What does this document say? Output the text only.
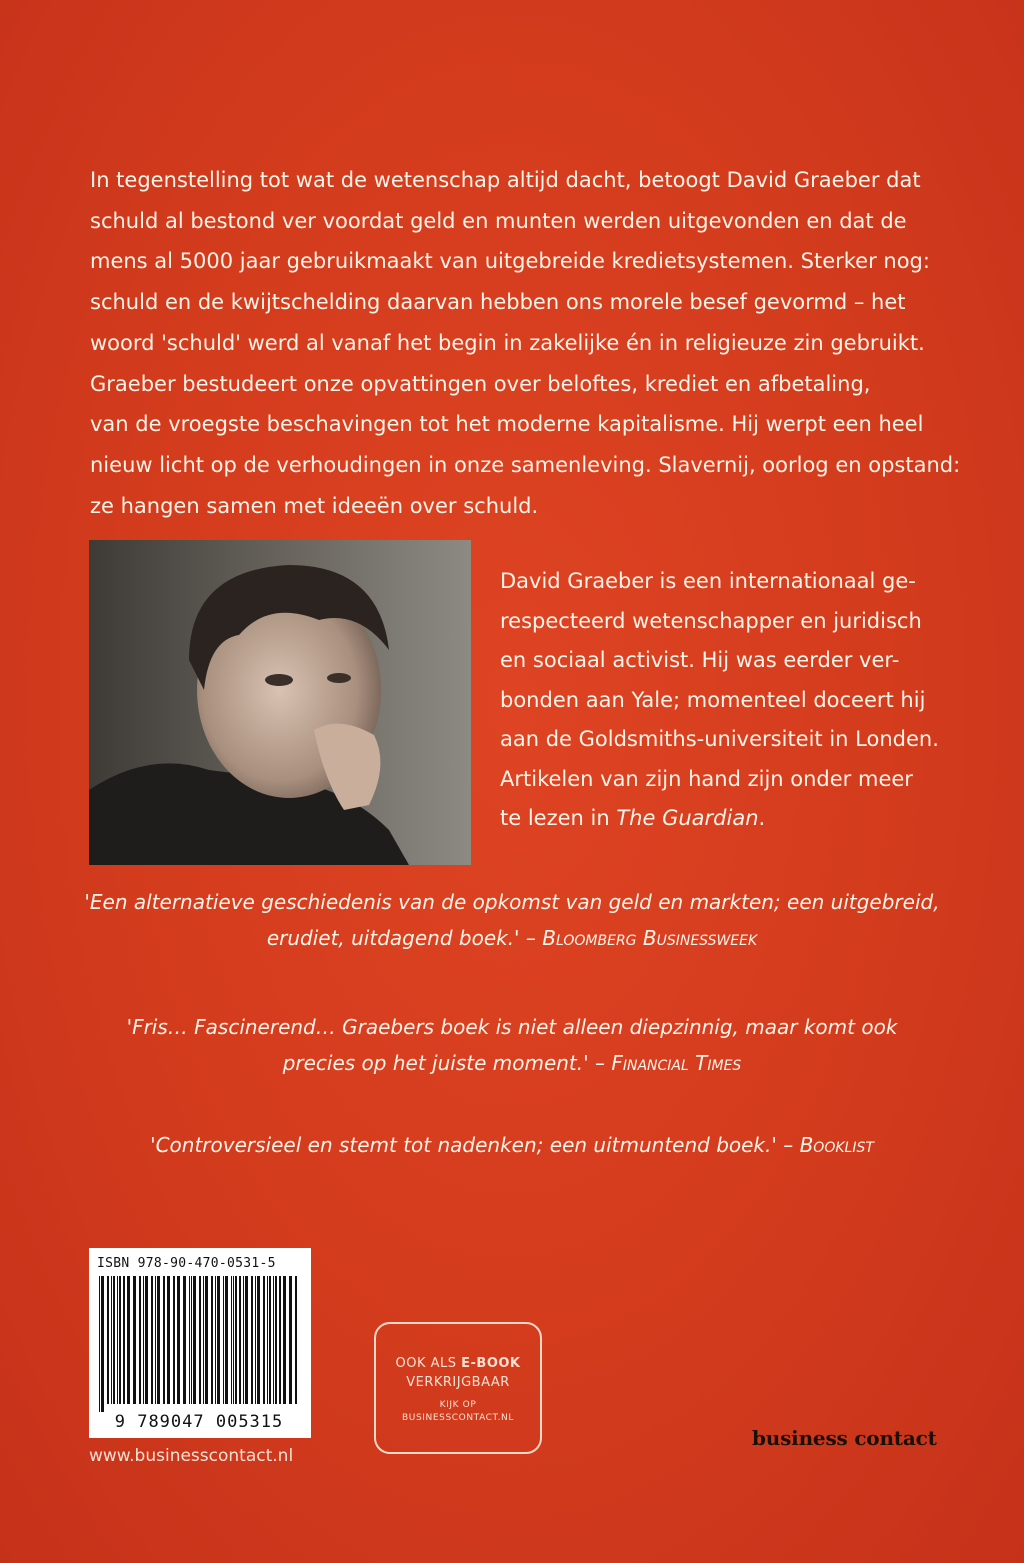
In tegenstelling tot wat de wetenschap altijd dacht, betoogt David Graeber dat
schuld al bestond ver voordat geld en munten werden uitgevonden en dat de
mens al 5000 jaar gebruikmaakt van uitgebreide kredietsystemen. Sterker nog:
schuld en de kwijtschelding daarvan hebben ons morele besef gevormd – het
woord 'schuld' werd al vanaf het begin in zakelijke én in religieuze zin gebruikt.
Graeber bestudeert onze opvattingen over beloftes, krediet en afbetaling,
van de vroegste beschavingen tot het moderne kapitalisme. Hij werpt een heel
nieuw licht op de verhoudingen in onze samenleving. Slavernij, oorlog en opstand:
ze hangen samen met ideeën over schuld.
David Graeber is een internationaal ge-
respecteerd wetenschapper en juridisch
en sociaal activist. Hij was eerder ver-
bonden aan Yale; momenteel doceert hij
aan de Goldsmiths-universiteit in Londen.
Artikelen van zijn hand zijn onder meer
te lezen in The Guardian.
'Een alternatieve geschiedenis van de opkomst van geld en markten; een uitgebreid,
erudiet, uitdagend boek.' – Bloomberg Businessweek
'Fris… Fascinerend… Graebers boek is niet alleen diepzinnig, maar komt ook
precies op het juiste moment.' – Financial Times
'Controversieel en stemt tot nadenken; een uitmuntend boek.' – Booklist
ISBN 978-90-470-0531-5
9 789047 005315
www.businesscontact.nl
OOK ALS E-BOOK
VERKRIJGBAAR
KIJK OP
BUSINESSCONTACT.NL
business contact
